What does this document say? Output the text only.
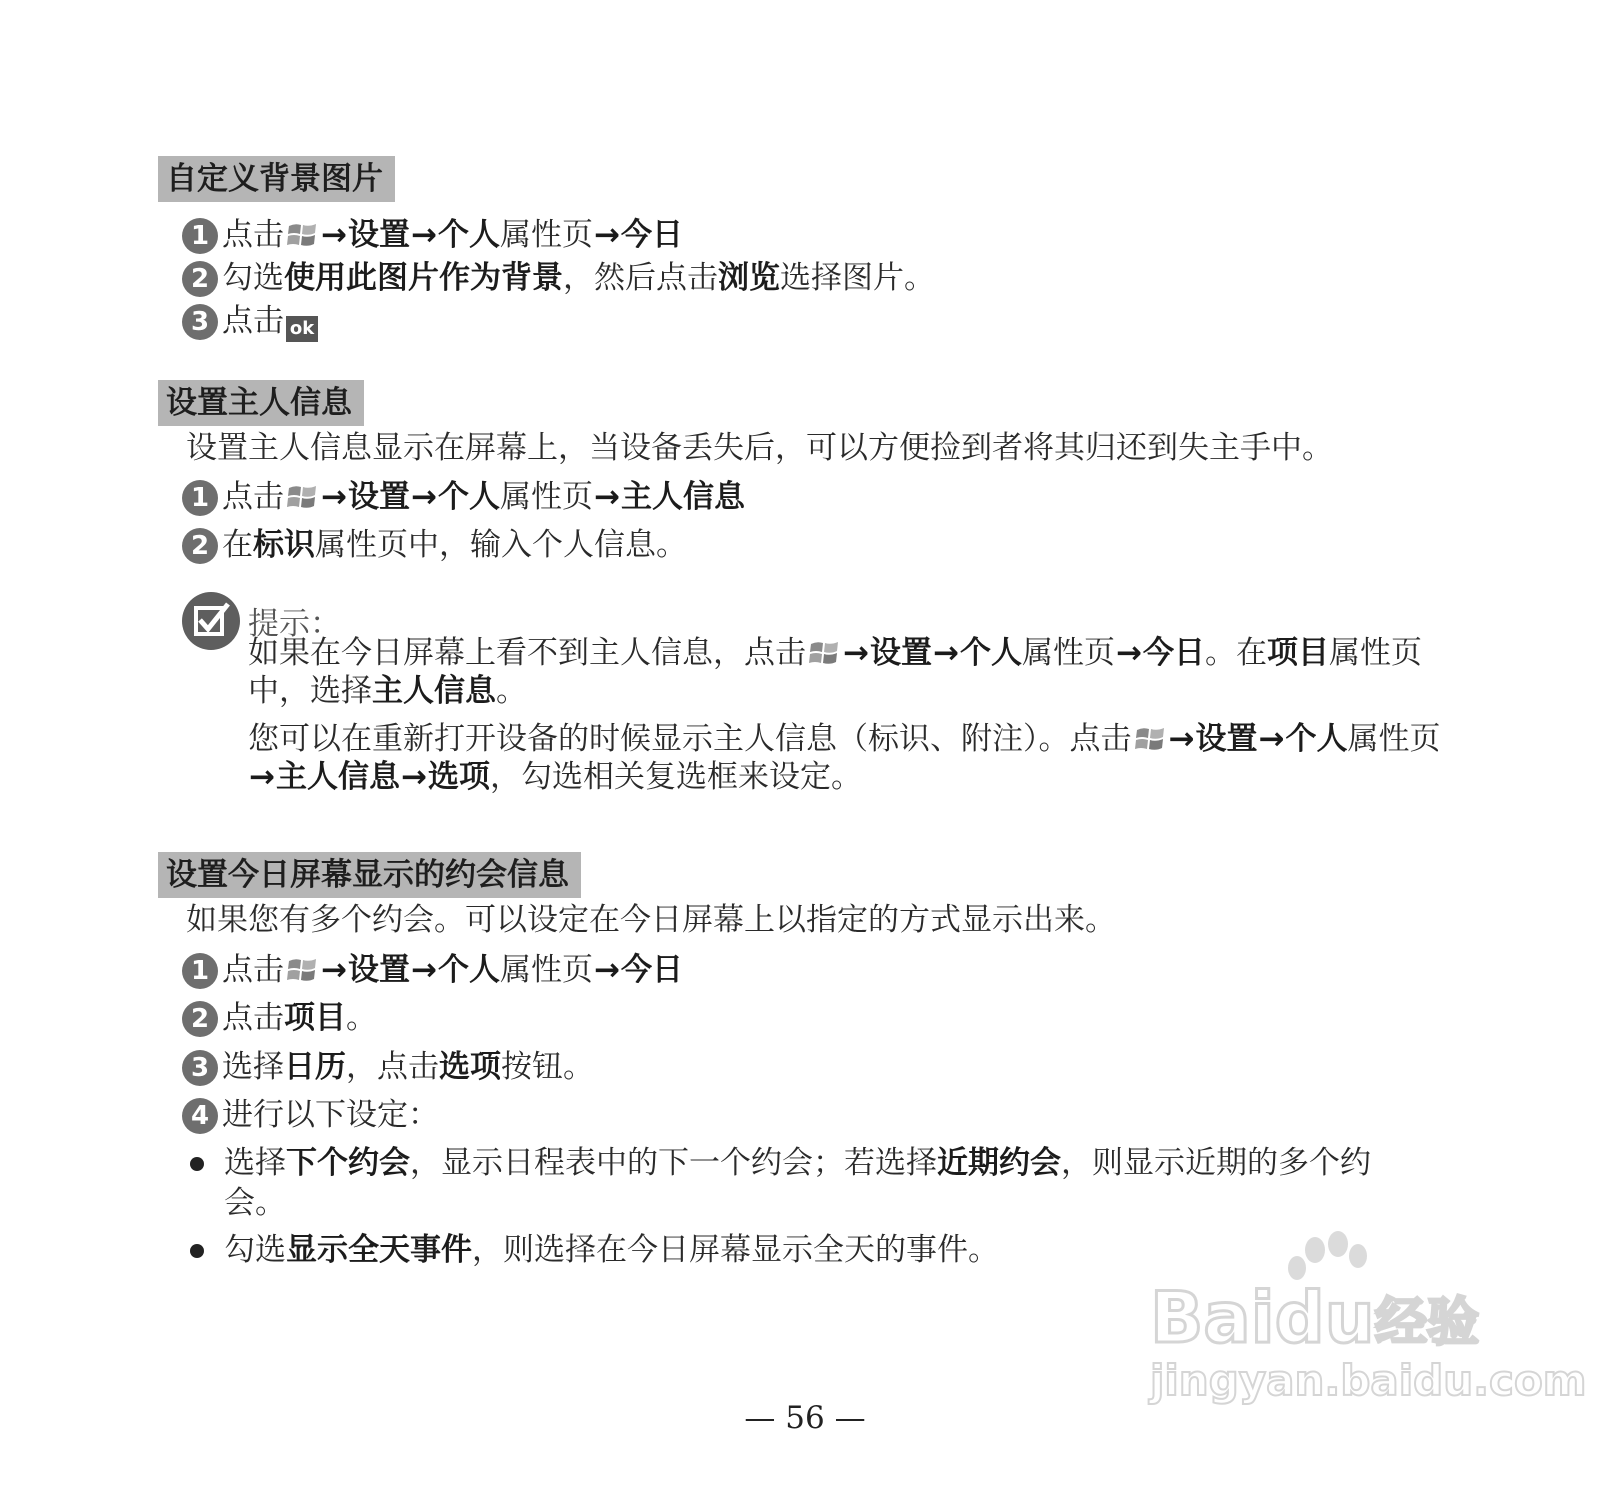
自定义背景图片
1 点击 →设置→个人属性页→今日
2 勾选使用此图片作为背景，然后点击浏览选择图片。
3 点击 ok
设置主人信息
设置主人信息显示在屏幕上，当设备丢失后，可以方便捡到者将其归还到失主手中。
1 点击 →设置→个人属性页→主人信息
2 在标识属性页中，输入个人信息。
提示：
如果在今日屏幕上看不到主人信息，点击 →设置→个人属性页→今日。在项目属性页中，选择主人信息。
您可以在重新打开设备的时候显示主人信息（标识、附注）。点击 →设置→个人属性页→主人信息→选项，勾选相关复选框来设定。
设置今日屏幕显示的约会信息
如果您有多个约会。可以设定在今日屏幕上以指定的方式显示出来。
1 点击 →设置→个人属性页→今日
2 点击项目。
3 选择日历，点击选项按钮。
4 进行以下设定：
选择下个约会，显示日程表中的下一个约会；若选择近期约会，则显示近期的多个约会。
勾选显示全天事件，则选择在今日屏幕显示全天的事件。
Baidu 经验
jingyan.baidu.com
— 56 —
